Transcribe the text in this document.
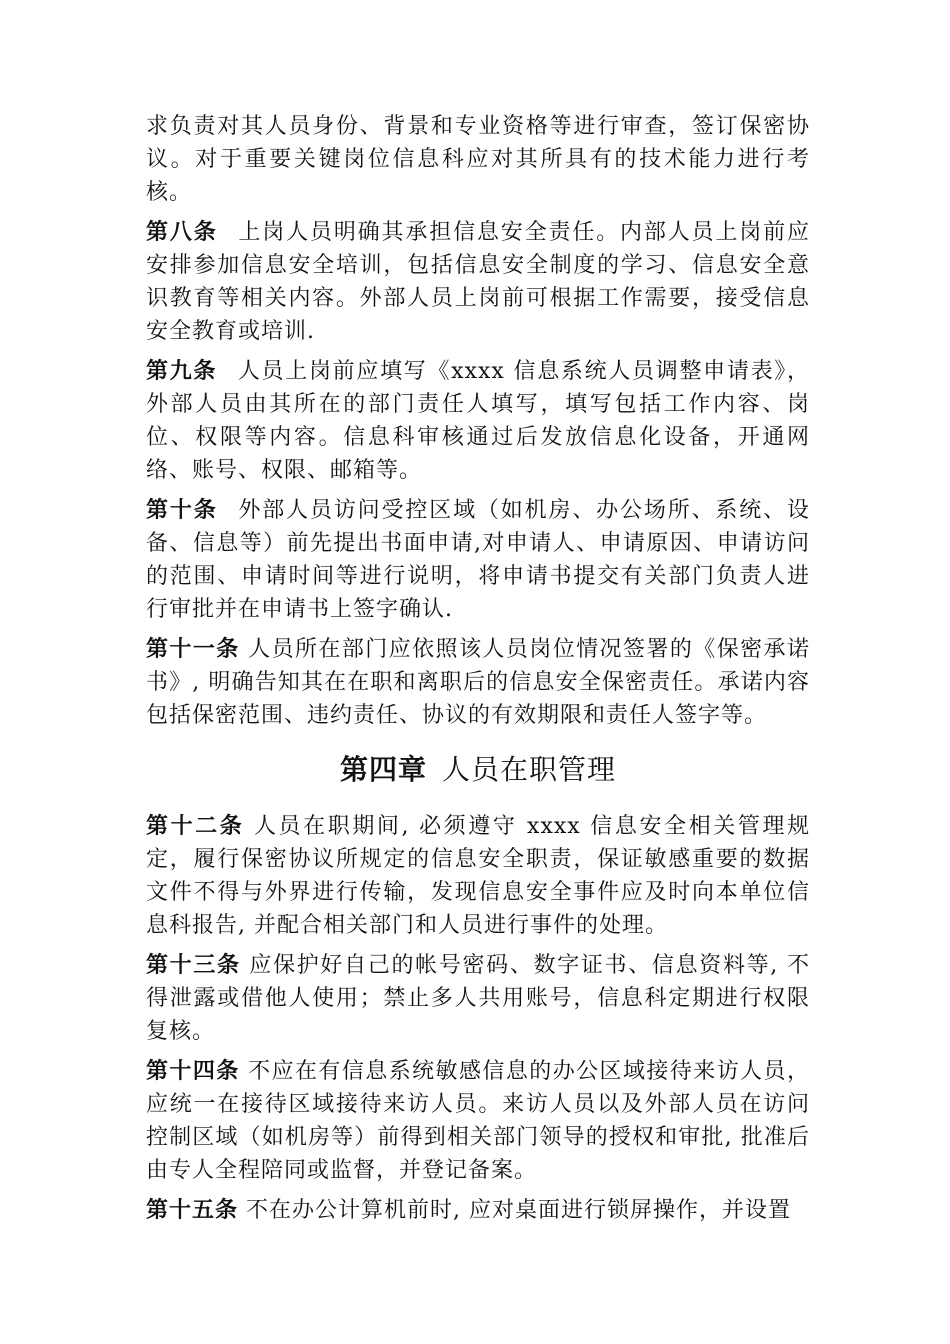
求负责对其人员身份、背景和专业资格等进行审查，签订保密协议。对于重要关键岗位信息科应对其所具有的技术能力进行考核。

第八条  上岗人员明确其承担信息安全责任。内部人员上岗前应安排参加信息安全培训，包括信息安全制度的学习、信息安全意识教育等相关内容。外部人员上岗前可根据工作需要，接受信息安全教育或培训.

第九条  人员上岗前应填写《xxxx 信息系统人员调整申请表》，外部人员由其所在的部门责任人填写，填写包括工作内容、岗位、权限等内容。信息科审核通过后发放信息化设备，开通网络、账号、权限、邮箱等。

第十条  外部人员访问受控区域（如机房、办公场所、系统、设备、信息等）前先提出书面申请,对申请人、申请原因、申请访问的范围、申请时间等进行说明，将申请书提交有关部门负责人进行审批并在申请书上签字确认.

第十一条 人员所在部门应依照该人员岗位情况签署的《保密承诺书》, 明确告知其在在职和离职后的信息安全保密责任。承诺内容包括保密范围、违约责任、协议的有效期限和责任人签字等。

第四章  人员在职管理

第十二条 人员在职期间, 必须遵守 xxxx 信息安全相关管理规定，履行保密协议所规定的信息安全职责，保证敏感重要的数据文件不得与外界进行传输，发现信息安全事件应及时向本单位信息科报告, 并配合相关部门和人员进行事件的处理。

第十三条 应保护好自己的帐号密码、数字证书、信息资料等, 不得泄露或借他人使用；禁止多人共用账号，信息科定期进行权限复核。

第十四条 不应在有信息系统敏感信息的办公区域接待来访人员，应统一在接待区域接待来访人员。来访人员以及外部人员在访问控制区域（如机房等）前得到相关部门领导的授权和审批, 批准后由专人全程陪同或监督，并登记备案。

第十五条 不在办公计算机前时, 应对桌面进行锁屏操作，并设置
